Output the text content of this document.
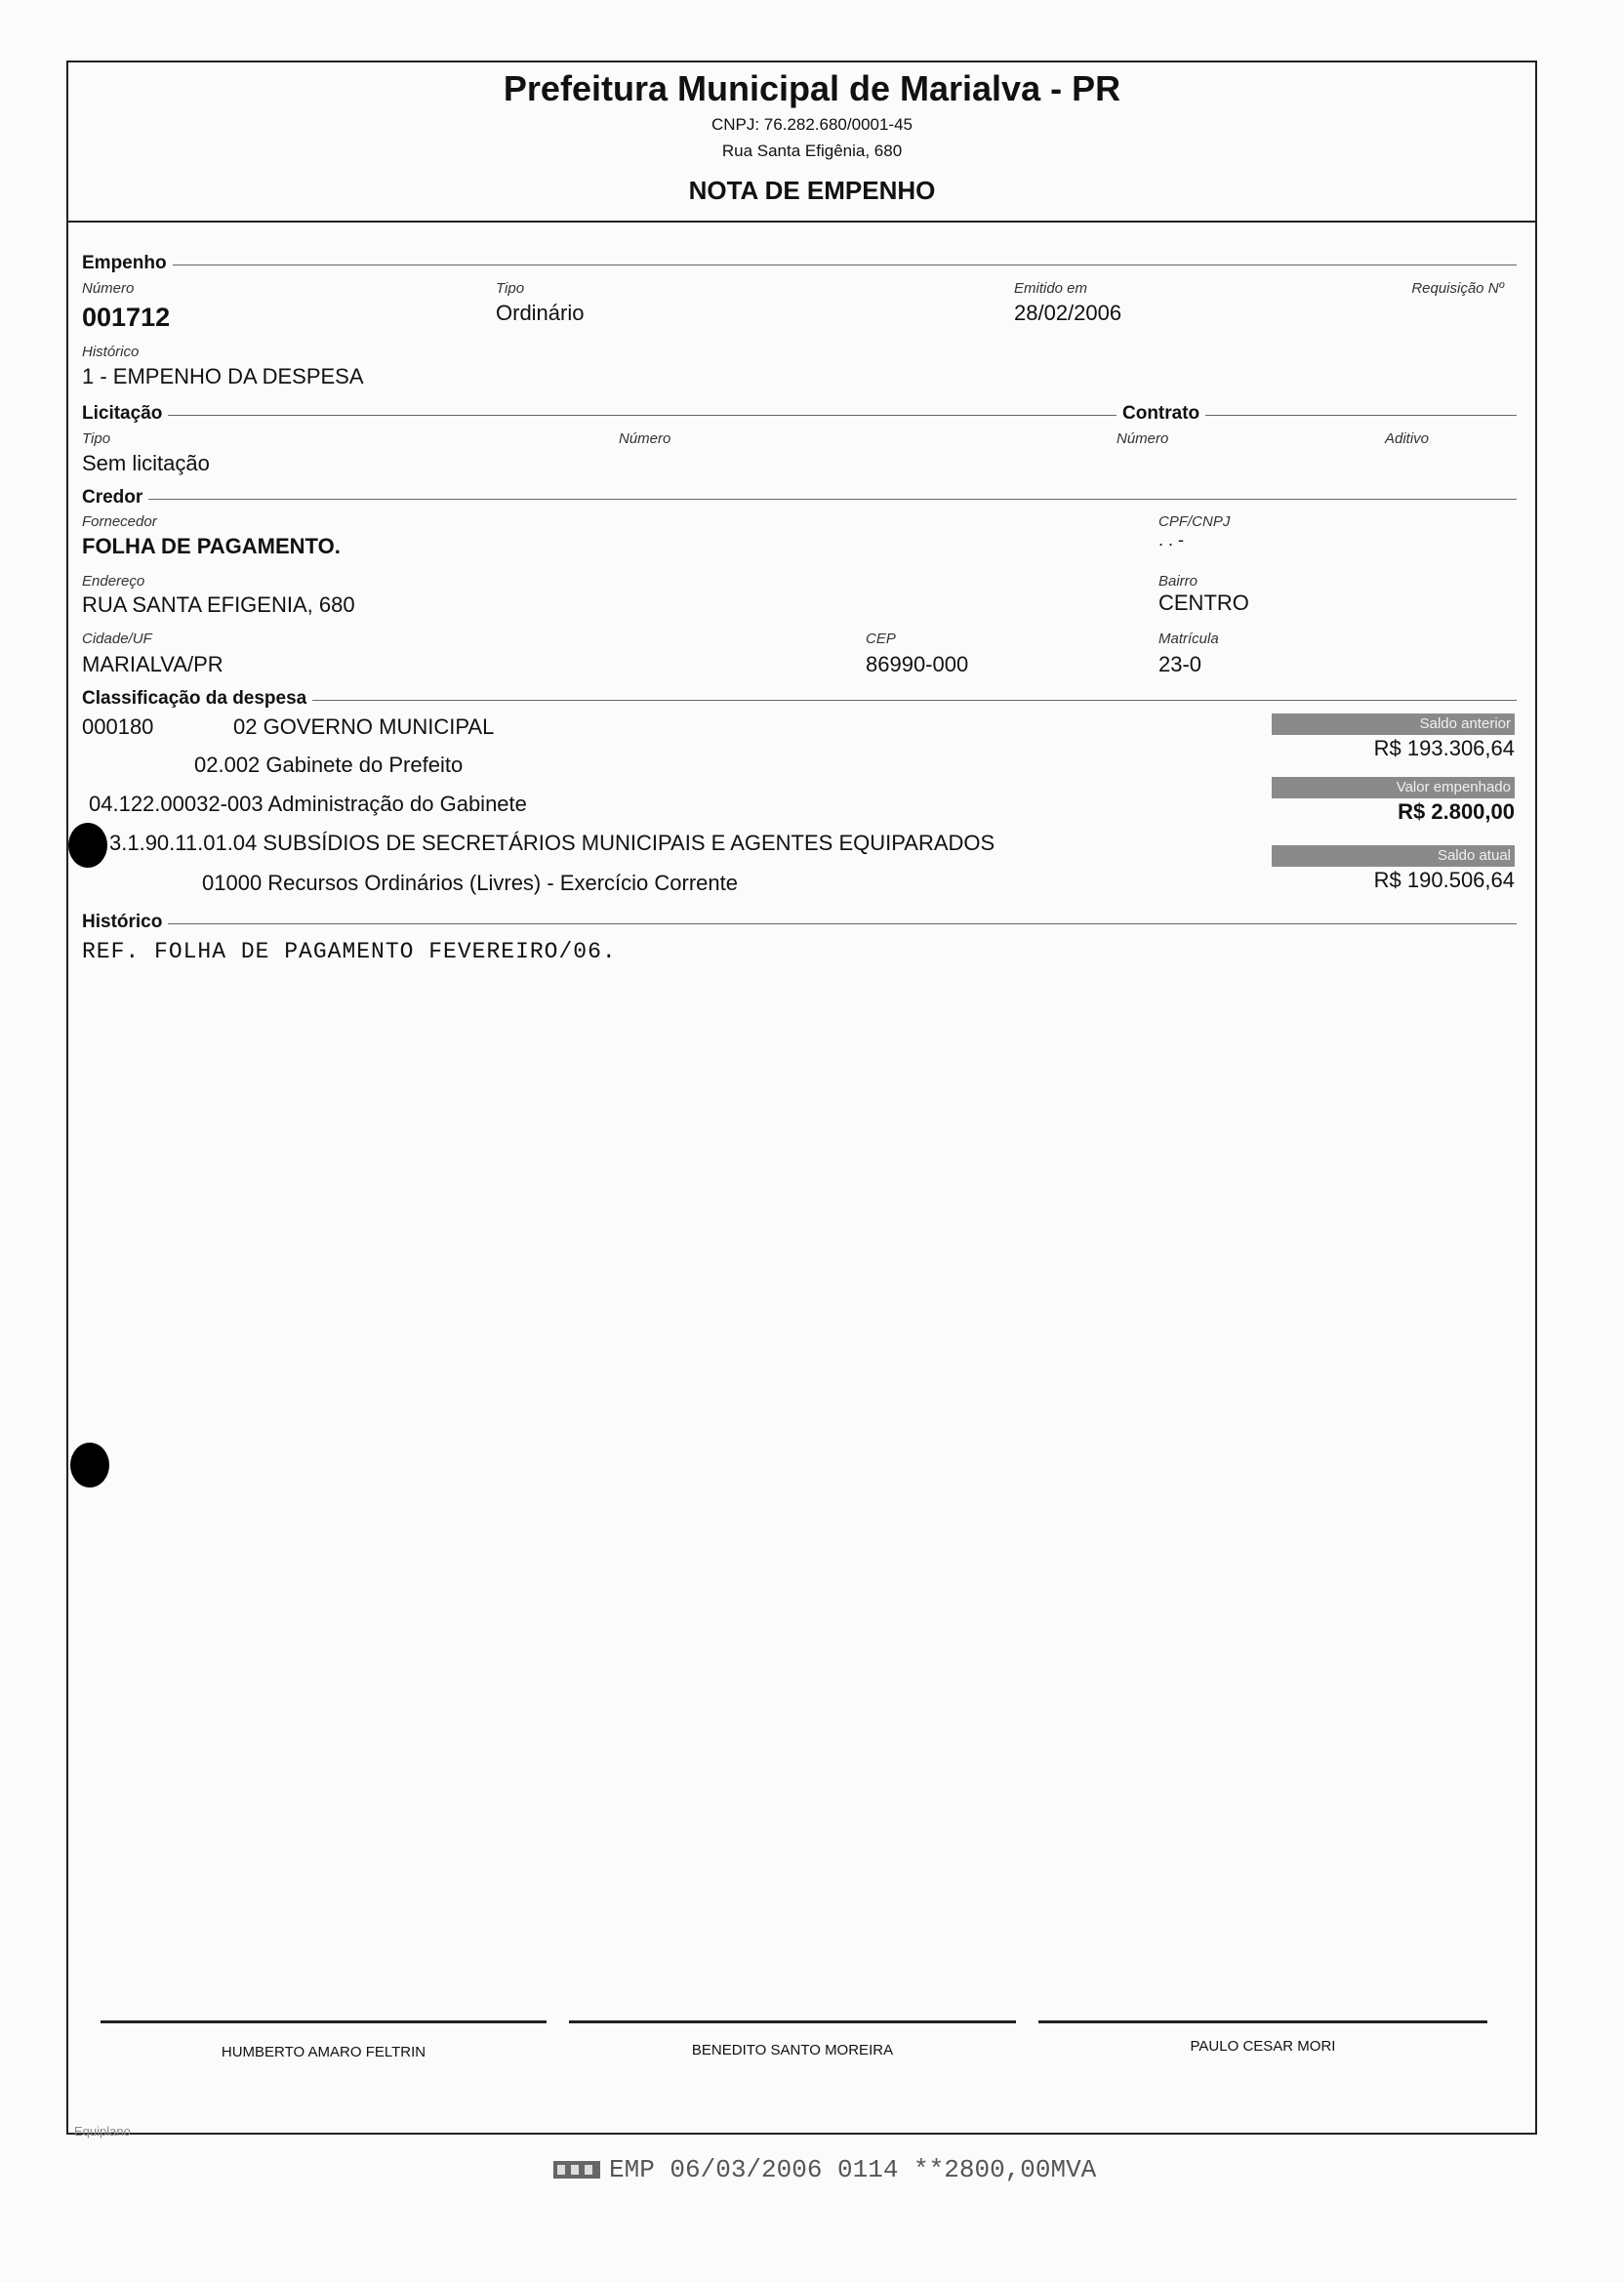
Prefeitura Municipal de Marialva - PR
CNPJ: 76.282.680/0001-45
Rua Santa Efigênia, 680
NOTA DE EMPENHO
Empenho
Número
001712
Tipo
Ordinário
Emitido em
28/02/2006
Requisição Nº
Histórico
1 - EMPENHO DA DESPESA
Licitação	Contrato
Tipo
Sem licitação
Número	Número	Aditivo
Credor
Fornecedor
FOLHA DE PAGAMENTO.
CPF/CNPJ
. . -
Endereço
RUA SANTA EFIGENIA, 680
Bairro
CENTRO
Cidade/UF
MARIALVA/PR
CEP
86990-000
Matrícula
23-0
Classificação da despesa
000180	02 GOVERNO MUNICIPAL
02.002 Gabinete do Prefeito
04.122.00032-003 Administração do Gabinete
3.1.90.11.01.04 SUBSÍDIOS DE SECRETÁRIOS MUNICIPAIS E AGENTES EQUIPARADOS
01000 Recursos Ordinários (Livres) - Exercício Corrente
Saldo anterior
R$ 193.306,64
Valor empenhado
R$ 2.800,00
Saldo atual
R$ 190.506,64
Histórico
REF. FOLHA DE PAGAMENTO FEVEREIRO/06.
HUMBERTO AMARO FELTRIN	BENEDITO SANTO MOREIRA	PAULO CESAR MORI
Equiplano
EMP 06/03/2006 0114 **2800,00MVA
